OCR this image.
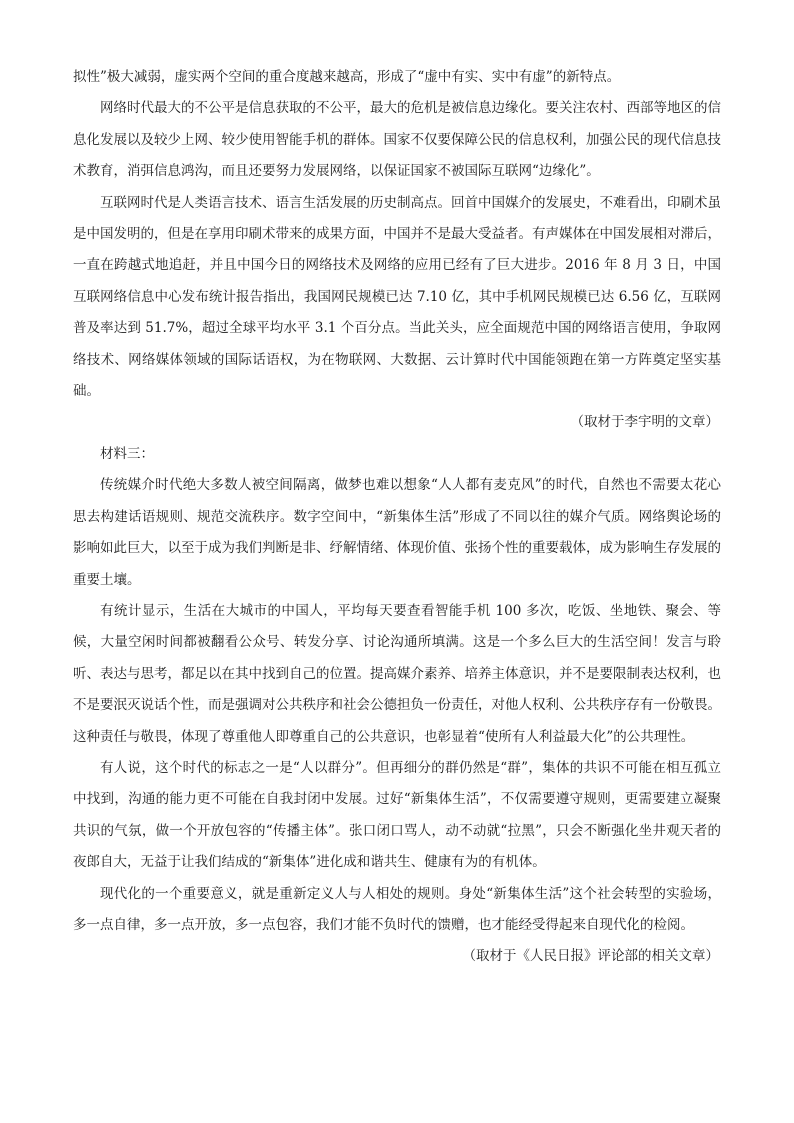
拟性”极大减弱，虚实两个空间的重合度越来越高，形成了“虚中有实、实中有虚”的新特点。

网络时代最大的不公平是信息获取的不公平，最大的危机是被信息边缘化。要关注农村、西部等地区的信息化发展以及较少上网、较少使用智能手机的群体。国家不仅要保障公民的信息权利，加强公民的现代信息技术教育，消弭信息鸿沟，而且还要努力发展网络，以保证国家不被国际互联网“边缘化”。

互联网时代是人类语言技术、语言生活发展的历史制高点。回首中国媒介的发展史，不难看出，印刷术虽是中国发明的，但是在享用印刷术带来的成果方面，中国并不是最大受益者。有声媒体在中国发展相对滞后，一直在跨越式地追赶，并且中国今日的网络技术及网络的应用已经有了巨大进步。2016 年 8 月 3 日，中国互联网络信息中心发布统计报告指出，我国网民规模已达 7.10 亿，其中手机网民规模已达 6.56 亿，互联网普及率达到 51.7%，超过全球平均水平 3.1 个百分点。当此关头，应全面规范中国的网络语言使用，争取网络技术、网络媒体领域的国际话语权，为在物联网、大数据、云计算时代中国能领跑在第一方阵奠定坚实基础。

（取材于李宇明的文章）

材料三：

传统媒介时代绝大多数人被空间隔离，做梦也难以想象“人人都有麦克风”的时代，自然也不需要太花心思去构建话语规则、规范交流秩序。数字空间中，“新集体生活”形成了不同以往的媒介气质。网络舆论场的影响如此巨大，以至于成为我们判断是非、纾解情绪、体现价值、张扬个性的重要载体，成为影响生存发展的重要土壤。

有统计显示，生活在大城市的中国人，平均每天要查看智能手机 100 多次，吃饭、坐地铁、聚会、等候，大量空闲时间都被翻看公众号、转发分享、讨论沟通所填满。这是一个多么巨大的生活空间！发言与聆听、表达与思考，都足以在其中找到自己的位置。提高媒介素养、培养主体意识，并不是要限制表达权利，也不是要泯灭说话个性，而是强调对公共秩序和社会公德担负一份责任，对他人权利、公共秩序存有一份敬畏。这种责任与敬畏，体现了尊重他人即尊重自己的公共意识，也彰显着“使所有人利益最大化”的公共理性。

有人说，这个时代的标志之一是“人以群分”。但再细分的群仍然是“群”，集体的共识不可能在相互孤立中找到，沟通的能力更不可能在自我封闭中发展。过好“新集体生活”，不仅需要遵守规则，更需要建立凝聚共识的气氛，做一个开放包容的“传播主体”。张口闭口骂人，动不动就“拉黑”，只会不断强化坐井观天者的夜郎自大，无益于让我们结成的“新集体”进化成和谐共生、健康有为的有机体。

现代化的一个重要意义，就是重新定义人与人相处的规则。身处“新集体生活”这个社会转型的实验场，多一点自律，多一点开放，多一点包容，我们才能不负时代的馈赠，也才能经受得起来自现代化的检阅。

（取材于《人民日报》评论部的相关文章）
